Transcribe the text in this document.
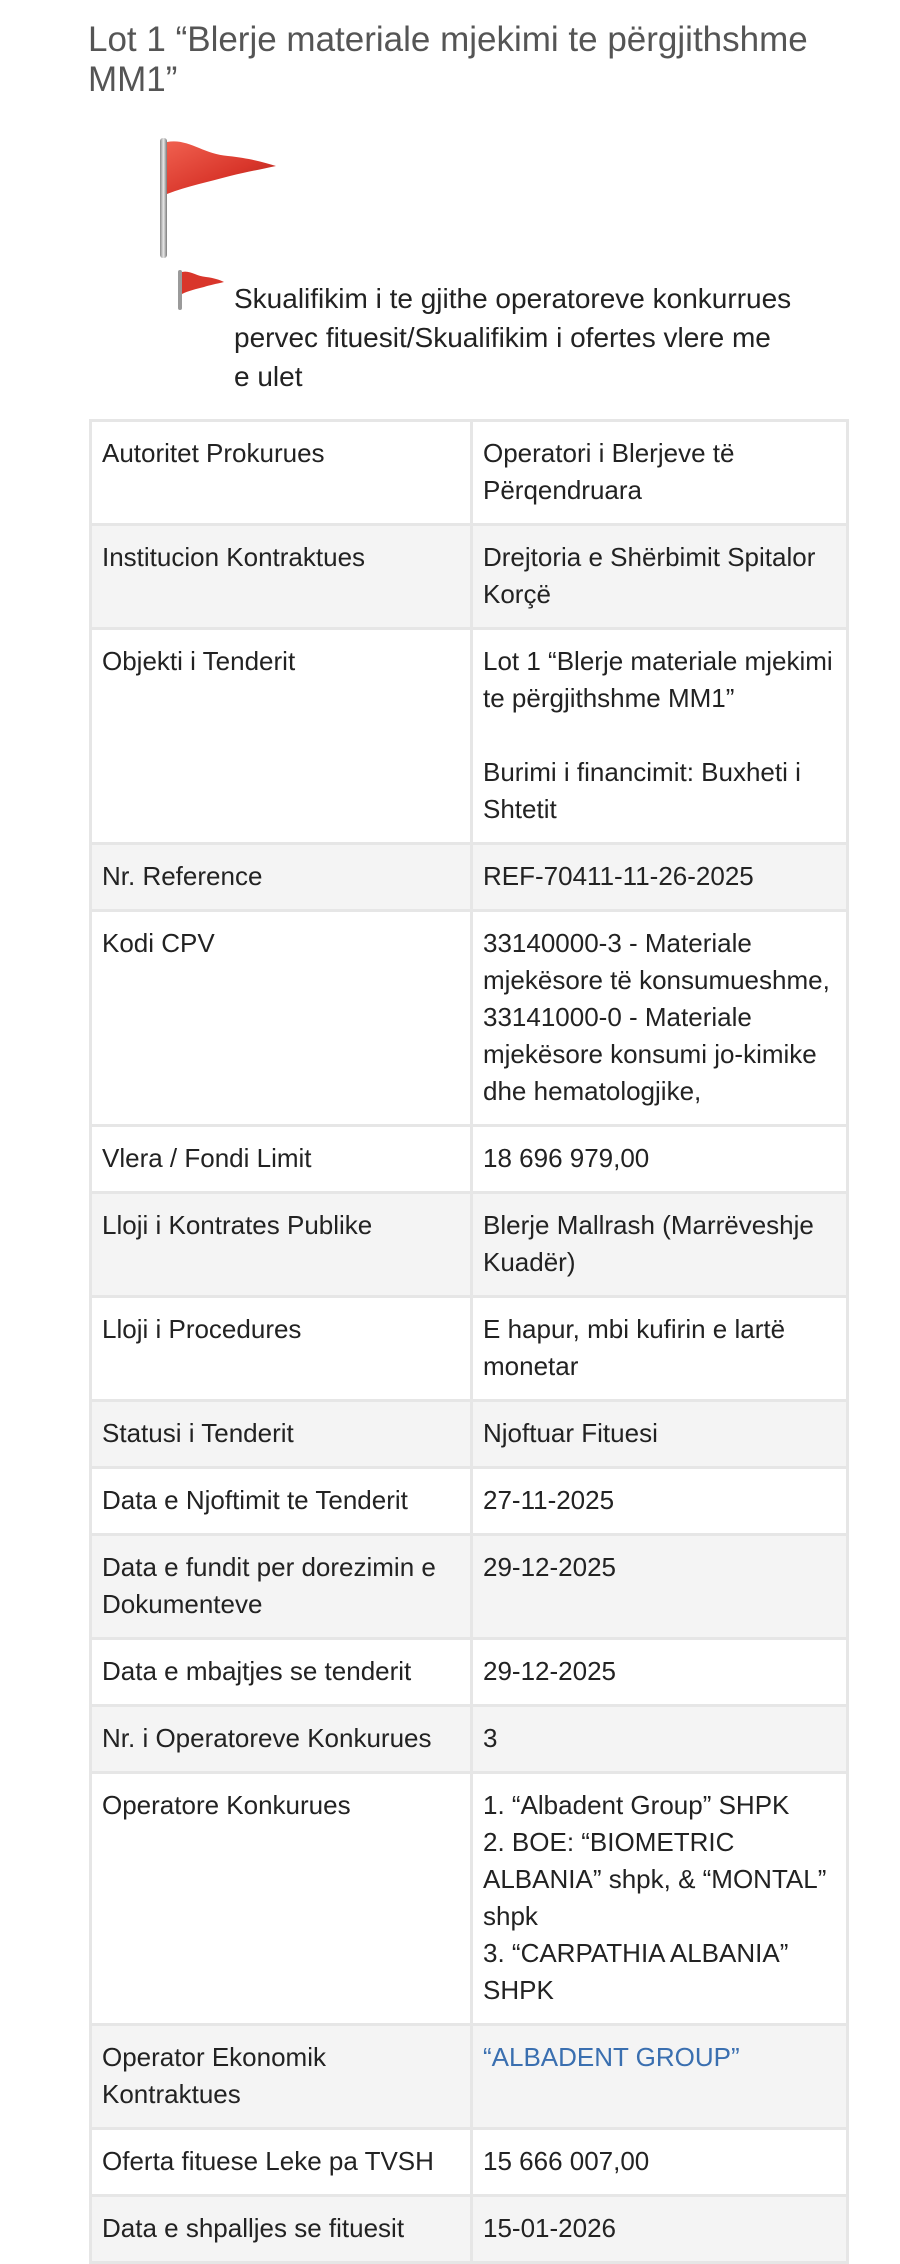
Lot 1 “Blerje materiale mjekimi te përgjithshme MM1”
Skualifikim i te gjithe operatoreve konkurrues pervec fituesit/Skualifikim i ofertes vlere me e ulet
Autoritet Prokurues	Operatori i Blerjeve të Përqendruara
Institucion Kontraktues	Drejtoria e Shërbimit Spitalor Korçë
Objekti i Tenderit	Lot 1 “Blerje materiale mjekimi te përgjithshme MM1”
Burimi i financimit: Buxheti i Shtetit

Nr. Reference	REF-70411-11-26-2025
Kodi CPV	33140000-3 - Materiale mjekësore të konsumueshme, 33141000-0 - Materiale mjekësore konsumi jo-kimike dhe hematologjike,
Vlera / Fondi Limit	18 696 979,00
Lloji i Kontrates Publike	Blerje Mallrash (Marrëveshje Kuadër)
Lloji i Procedures	E hapur, mbi kufirin e lartë monetar
Statusi i Tenderit	Njoftuar Fituesi
Data e Njoftimit te Tenderit	27-11-2025
Data e fundit per dorezimin e Dokumenteve	29-12-2025
Data e mbajtjes se tenderit	29-12-2025
Nr. i Operatoreve Konkurues	3
Operatore Konkurues	1. “Albadent Group” SHPK
2. BOE: “BIOMETRIC ALBANIA” shpk, & “MONTAL” shpk
3. “CARPATHIA ALBANIA” SHPK

Operator Ekonomik Kontraktues	“ALBADENT GROUP”
Oferta fituese Leke pa TVSH	15 666 007,00
Data e shpalljes se fituesit	15-01-2026
